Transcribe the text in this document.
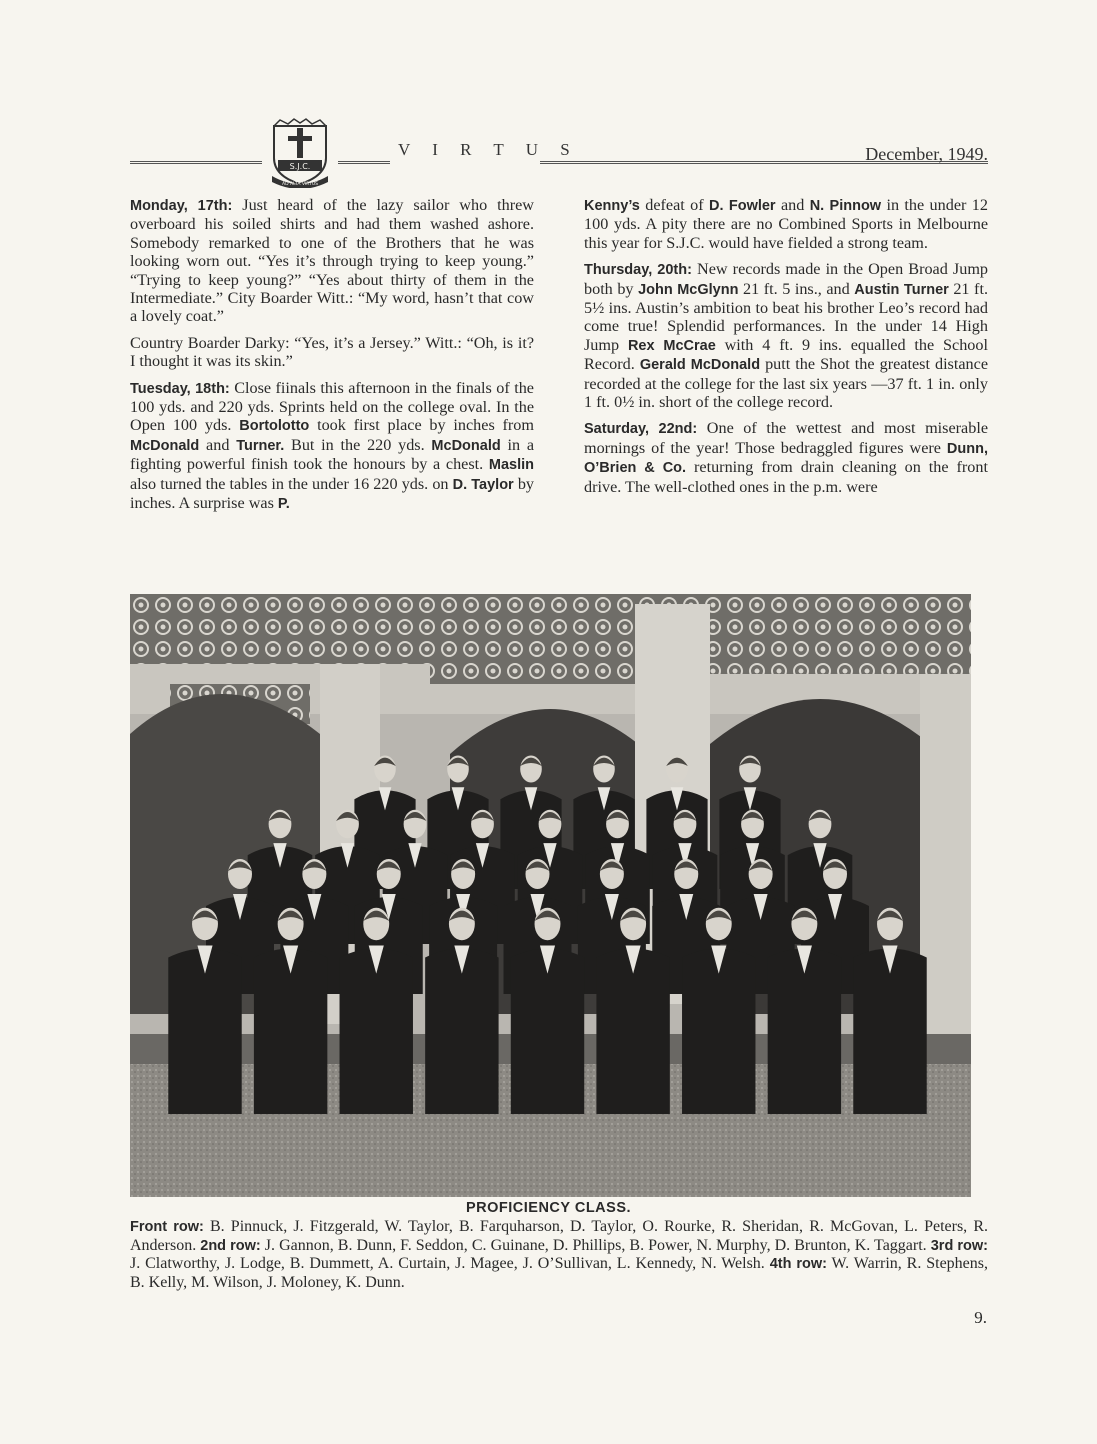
S.J.C.
AD ALTA VIRTUS
V I R T U S	December, 1949.

Monday, 17th: Just heard of the lazy sailor who threw overboard his soiled shirts and had them washed ashore. Somebody remarked to one of the Brothers that he was looking worn out. “Yes it’s through trying to keep young.” “Trying to keep young?” “Yes about thirty of them in the Intermediate.” City Boarder Witt.: “My word, hasn’t that cow a lovely coat.”

Country Boarder Darky: “Yes, it’s a Jersey.” Witt.: “Oh, is it? I thought it was its skin.”

Tuesday, 18th: Close fiinals this afternoon in the finals of the 100 yds. and 220 yds. Sprints held on the college oval. In the Open 100 yds. Bortolotto took first place by inches from McDonald and Turner. But in the 220 yds. McDonald in a fighting powerful finish took the honours by a chest. Maslin also turned the tables in the under 16 220 yds. on D. Taylor by inches. A surprise was P.

Kenny’s defeat of D. Fowler and N. Pinnow in the under 12 100 yds. A pity there are no Combined Sports in Melbourne this year for S.J.C. would have fielded a strong team.

Thursday, 20th: New records made in the Open Broad Jump both by John McGlynn 21 ft. 5 ins., and Austin Turner 21 ft. 5½ ins. Austin’s ambition to beat his brother Leo’s record had come true! Splendid performances. In the under 14 High Jump Rex McCrae with 4 ft. 9 ins. equalled the School Record. Gerald McDonald putt the Shot the greatest distance recorded at the college for the last six years —37 ft. 1 in. only 1 ft. 0½ in. short of the college record.

Saturday, 22nd: One of the wettest and most miserable mornings of the year! Those bedraggled figures were Dunn, O’Brien & Co. returning from drain cleaning on the front drive. The well-clothed ones in the p.m. were

PROFICIENCY CLASS.
Front row: B. Pinnuck, J. Fitzgerald, W. Taylor, B. Farquharson, D. Taylor, O. Rourke, R. Sheridan, R. McGovan, L. Peters, R. Anderson. 2nd row: J. Gannon, B. Dunn, F. Seddon, C. Guinane, D. Phillips, B. Power, N. Murphy, D. Brunton, K. Taggart. 3rd row: J. Clatworthy, J. Lodge, B. Dummett, A. Curtain, J. Magee, J. O’Sullivan, L. Kennedy, N. Welsh. 4th row: W. Warrin, R. Stephens, B. Kelly, M. Wilson, J. Moloney, K. Dunn.
9.
